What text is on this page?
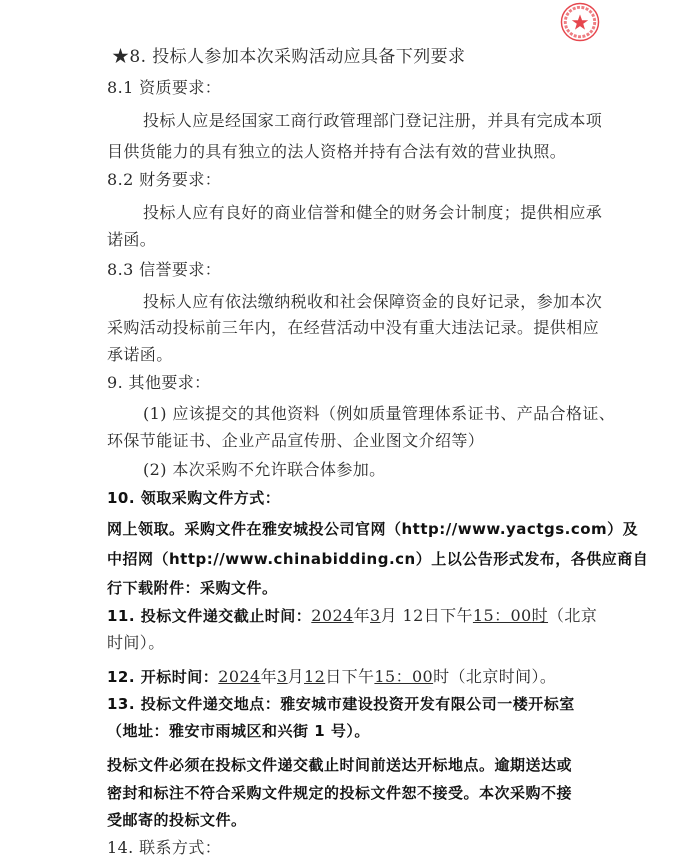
★8. 投标人参加本次采购活动应具备下列要求
8.1 资质要求：
投标人应是经国家工商行政管理部门登记注册，并具有完成本项
目供货能力的具有独立的法人资格并持有合法有效的营业执照。
8.2 财务要求：
投标人应有良好的商业信誉和健全的财务会计制度；提供相应承
诺函。
8.3 信誉要求：
投标人应有依法缴纳税收和社会保障资金的良好记录，参加本次
采购活动投标前三年内，在经营活动中没有重大违法记录。提供相应
承诺函。
9. 其他要求：
(1) 应该提交的其他资料（例如质量管理体系证书、产品合格证、
环保节能证书、企业产品宣传册、企业图文介绍等）
(2) 本次采购不允许联合体参加。
10. 领取采购文件方式：
网上领取。采购文件在雅安城投公司官网（http://www.yactgs.com）及
中招网（http://www.chinabidding.cn）上以公告形式发布，各供应商自
行下载附件：采购文件。
11. 投标文件递交截止时间：2024年3月 12日下午15：00时（北京
时间）。
12. 开标时间：2024年3月12日下午15：00时（北京时间）。
13. 投标文件递交地点：雅安城市建设投资开发有限公司一楼开标室
（地址：雅安市雨城区和兴街 1 号）。
投标文件必须在投标文件递交截止时间前送达开标地点。逾期送达或
密封和标注不符合采购文件规定的投标文件恕不接受。本次采购不接
受邮寄的投标文件。
14. 联系方式：
